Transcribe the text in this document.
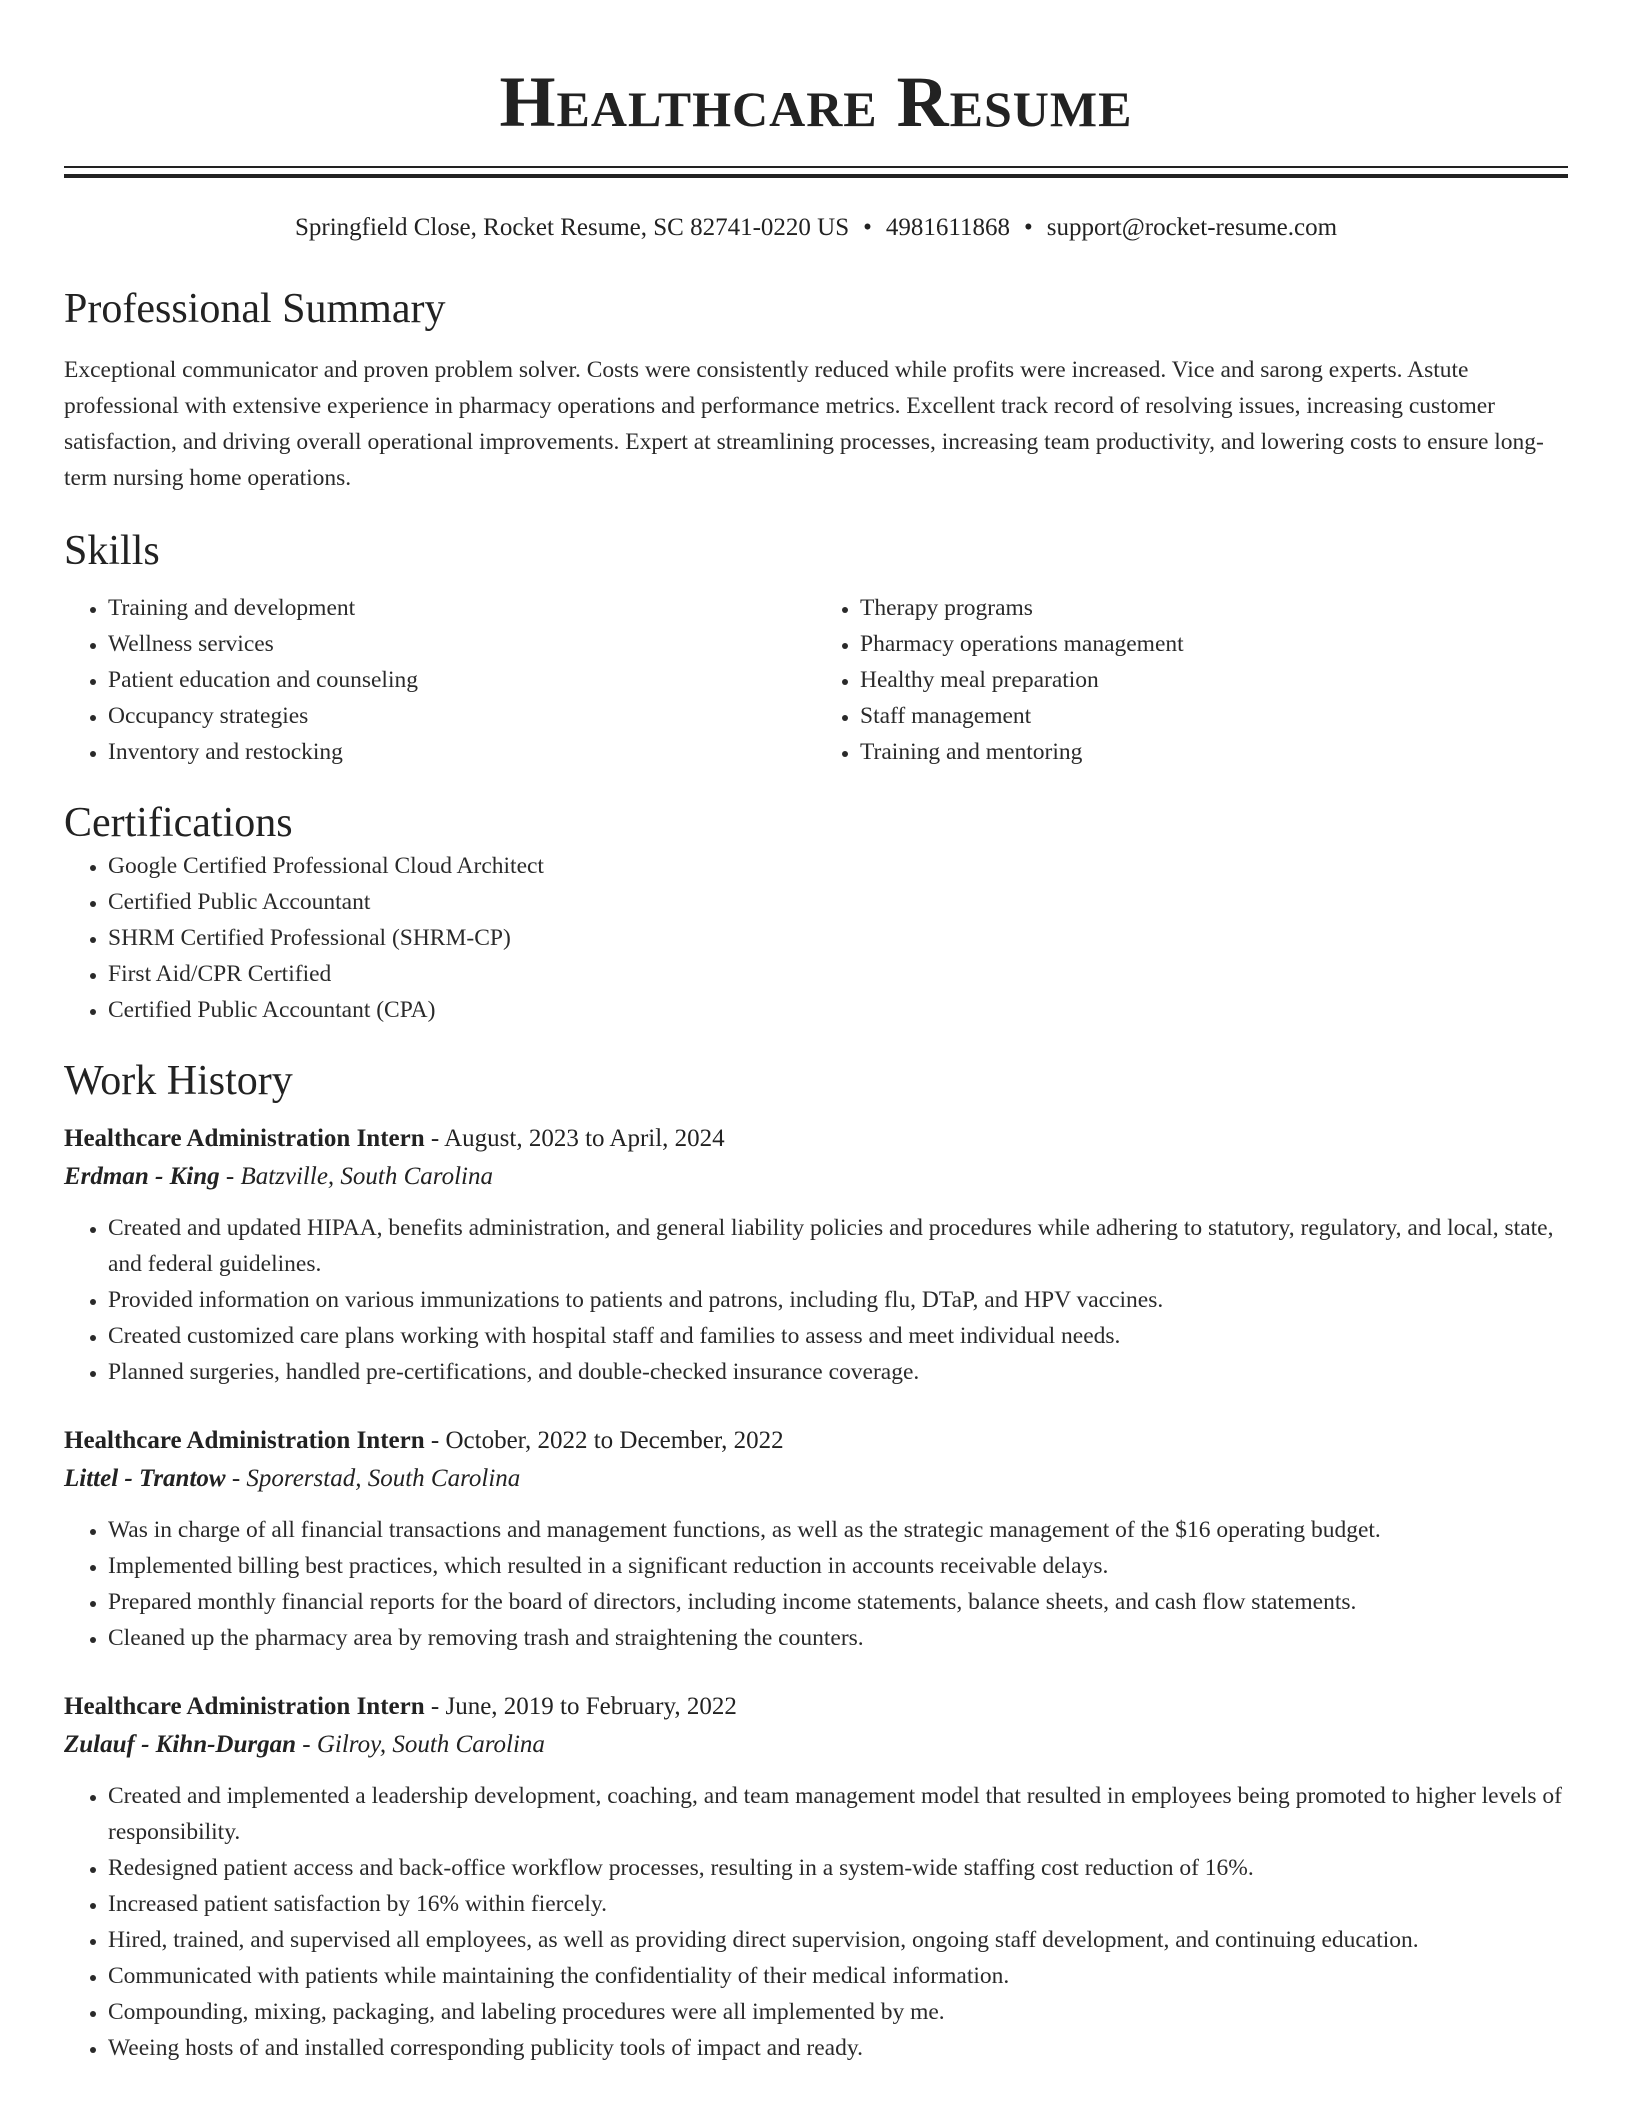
Healthcare Resume
Springfield Close, Rocket Resume, SC 82741-0220 US • 4981611868 • support@rocket-resume.com
Professional Summary

Exceptional communicator and proven problem solver. Costs were consistently reduced while profits were increased. Vice and sarong experts. Astute professional with extensive experience in pharmacy operations and performance metrics. Excellent track record of resolving issues, increasing customer satisfaction, and driving overall operational improvements. Expert at streamlining processes, increasing team productivity, and lowering costs to ensure long-term nursing home operations.

Skills
• Training and development
• Wellness services
• Patient education and counseling
• Occupancy strategies
• Inventory and restocking
• Therapy programs
• Pharmacy operations management
• Healthy meal preparation
• Staff management
• Training and mentoring
Certifications
• Google Certified Professional Cloud Architect
• Certified Public Accountant
• SHRM Certified Professional (SHRM-CP)
• First Aid/CPR Certified
• Certified Public Accountant (CPA)
Work History
Healthcare Administration Intern - August, 2023 to April, 2024
Erdman - King - Batzville, South Carolina
• Created and updated HIPAA, benefits administration, and general liability policies and procedures while adhering to statutory, regulatory, and local, state, and federal guidelines.
• Provided information on various immunizations to patients and patrons, including flu, DTaP, and HPV vaccines.
• Created customized care plans working with hospital staff and families to assess and meet individual needs.
• Planned surgeries, handled pre-certifications, and double-checked insurance coverage.
Healthcare Administration Intern - October, 2022 to December, 2022
Littel - Trantow - Sporerstad, South Carolina
• Was in charge of all financial transactions and management functions, as well as the strategic management of the $16 operating budget.
• Implemented billing best practices, which resulted in a significant reduction in accounts receivable delays.
• Prepared monthly financial reports for the board of directors, including income statements, balance sheets, and cash flow statements.
• Cleaned up the pharmacy area by removing trash and straightening the counters.
Healthcare Administration Intern - June, 2019 to February, 2022
Zulauf - Kihn-Durgan - Gilroy, South Carolina
• Created and implemented a leadership development, coaching, and team management model that resulted in employees being promoted to higher levels of responsibility.
• Redesigned patient access and back-office workflow processes, resulting in a system-wide staffing cost reduction of 16%.
• Increased patient satisfaction by 16% within fiercely.
• Hired, trained, and supervised all employees, as well as providing direct supervision, ongoing staff development, and continuing education.
• Communicated with patients while maintaining the confidentiality of their medical information.
• Compounding, mixing, packaging, and labeling procedures were all implemented by me.
• Weeing hosts of and installed corresponding publicity tools of impact and ready.
